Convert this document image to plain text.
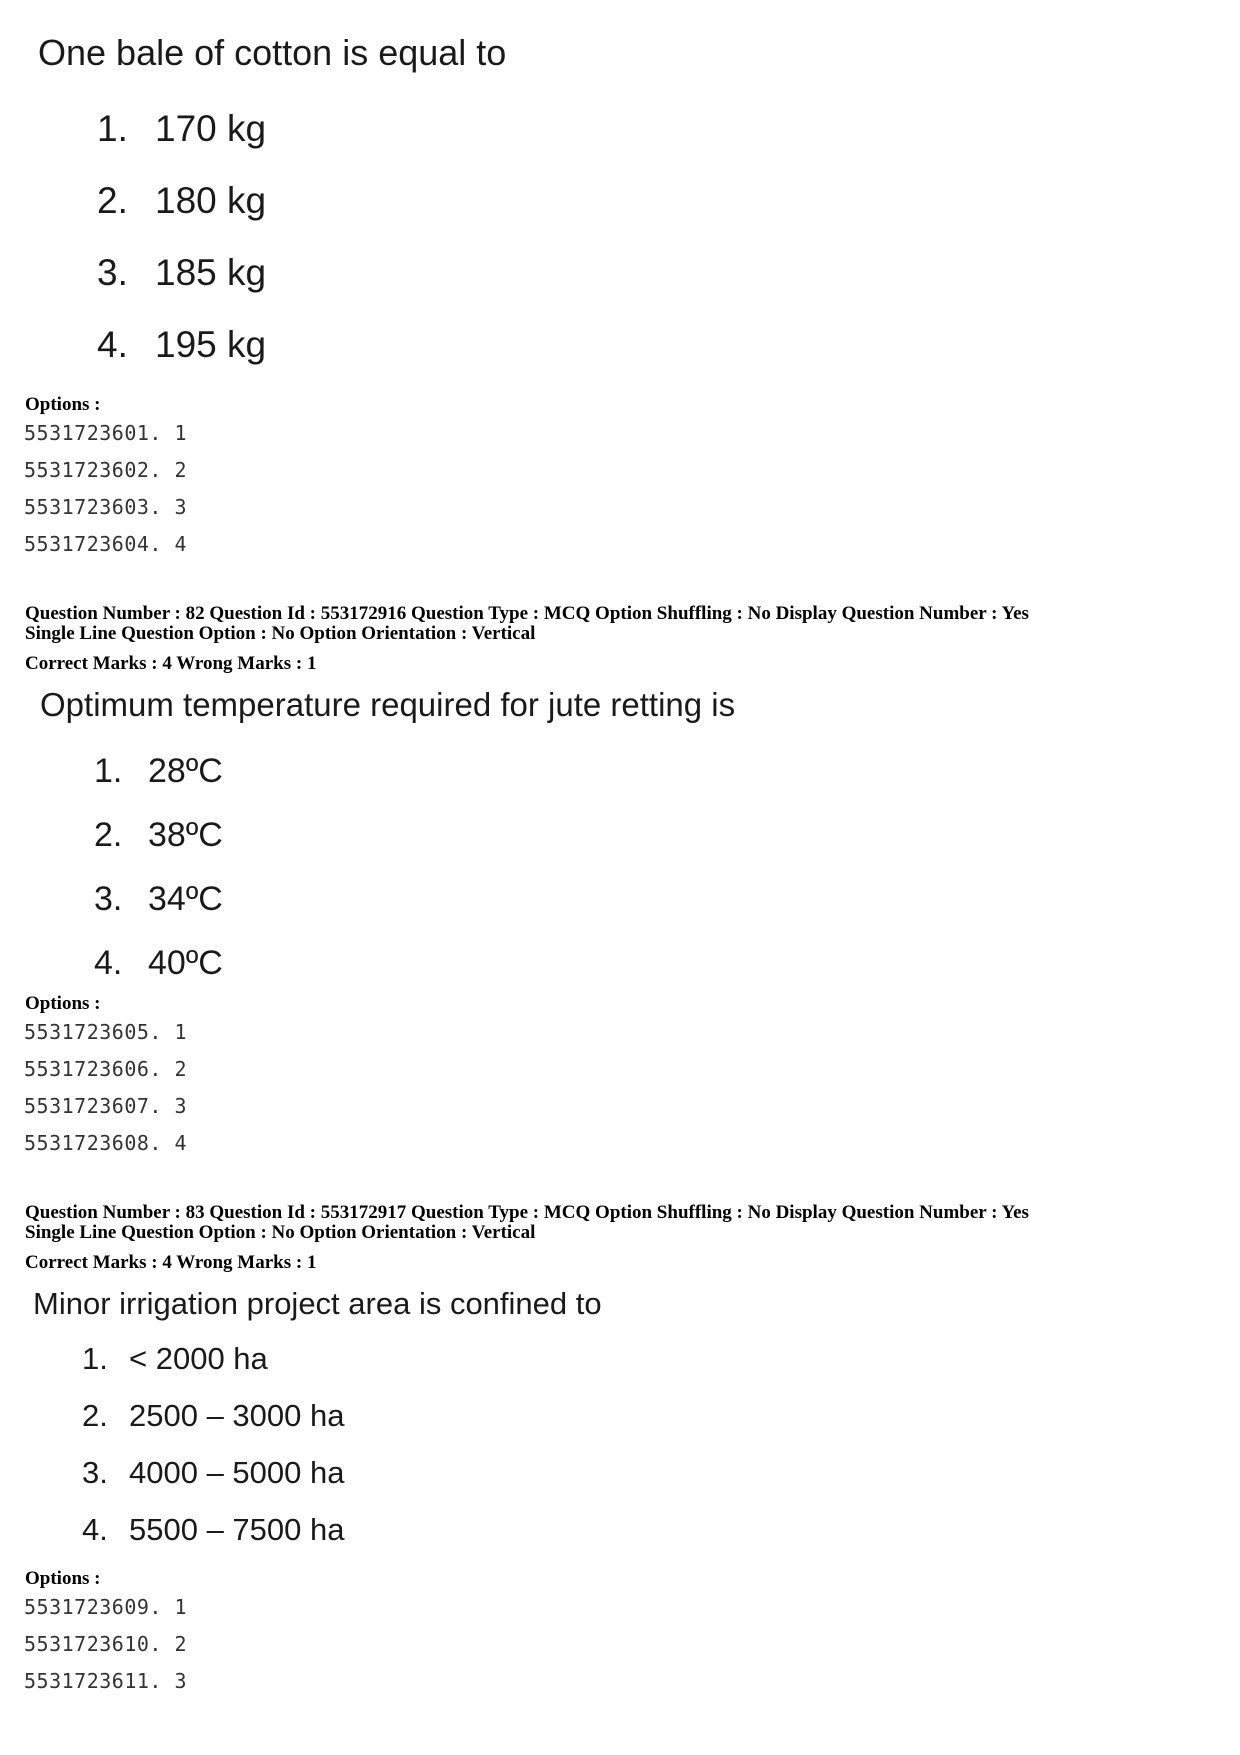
One bale of cotton is equal to
1. 170 kg
2. 180 kg
3. 185 kg
4. 195 kg
Options :
5531723601. 1
5531723602. 2
5531723603. 3
5531723604. 4
Question Number : 82 Question Id : 553172916 Question Type : MCQ Option Shuffling : No Display Question Number : Yes
Single Line Question Option : No Option Orientation : Vertical
Correct Marks : 4 Wrong Marks : 1
Optimum temperature required for jute retting is
1. 28ºC
2. 38ºC
3. 34ºC
4. 40ºC
Options :
5531723605. 1
5531723606. 2
5531723607. 3
5531723608. 4
Question Number : 83 Question Id : 553172917 Question Type : MCQ Option Shuffling : No Display Question Number : Yes
Single Line Question Option : No Option Orientation : Vertical
Correct Marks : 4 Wrong Marks : 1
Minor irrigation project area is confined to
1. < 2000 ha
2. 2500 – 3000 ha
3. 4000 – 5000 ha
4. 5500 – 7500 ha
Options :
5531723609. 1
5531723610. 2
5531723611. 3
